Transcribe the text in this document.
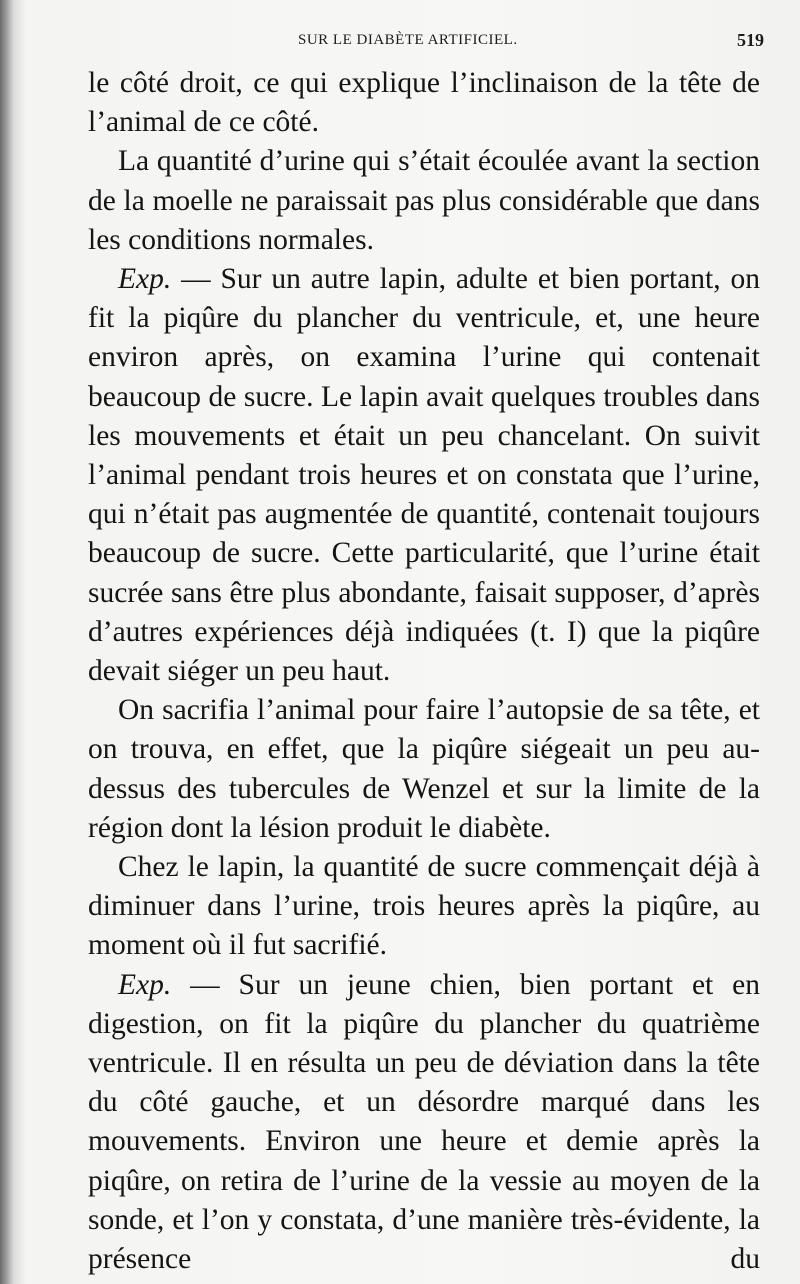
SUR LE DIABÈTE ARTIFICIEL.	519

le côté droit, ce qui explique l’inclinaison de la tête de l’animal de ce côté.

La quantité d’urine qui s’était écoulée avant la section de la moelle ne paraissait pas plus considérable que dans les conditions normales.

Exp. — Sur un autre lapin, adulte et bien portant, on fit la piqûre du plancher du ventricule, et, une heure environ après, on examina l’urine qui contenait beaucoup de sucre. Le lapin avait quelques troubles dans les mouvements et était un peu chancelant. On suivit l’animal pendant trois heures et on constata que l’urine, qui n’était pas augmentée de quantité, contenait toujours beaucoup de sucre. Cette particularité, que l’urine était sucrée sans être plus abondante, faisait supposer, d’après d’autres expériences déjà indiquées (t. I) que la piqûre devait siéger un peu haut.

On sacrifia l’animal pour faire l’autopsie de sa tête, et on trouva, en effet, que la piqûre siégeait un peu au-dessus des tubercules de Wenzel et sur la limite de la région dont la lésion produit le diabète.

Chez le lapin, la quantité de sucre commençait déjà à diminuer dans l’urine, trois heures après la piqûre, au moment où il fut sacrifié.

Exp. — Sur un jeune chien, bien portant et en digestion, on fit la piqûre du plancher du quatrième ventricule. Il en résulta un peu de déviation dans la tête du côté gauche, et un désordre marqué dans les mouvements. Environ une heure et demie après la piqûre, on retira de l’urine de la vessie au moyen de la sonde, et l’on y constata, d’une manière très-évidente, la présence du
